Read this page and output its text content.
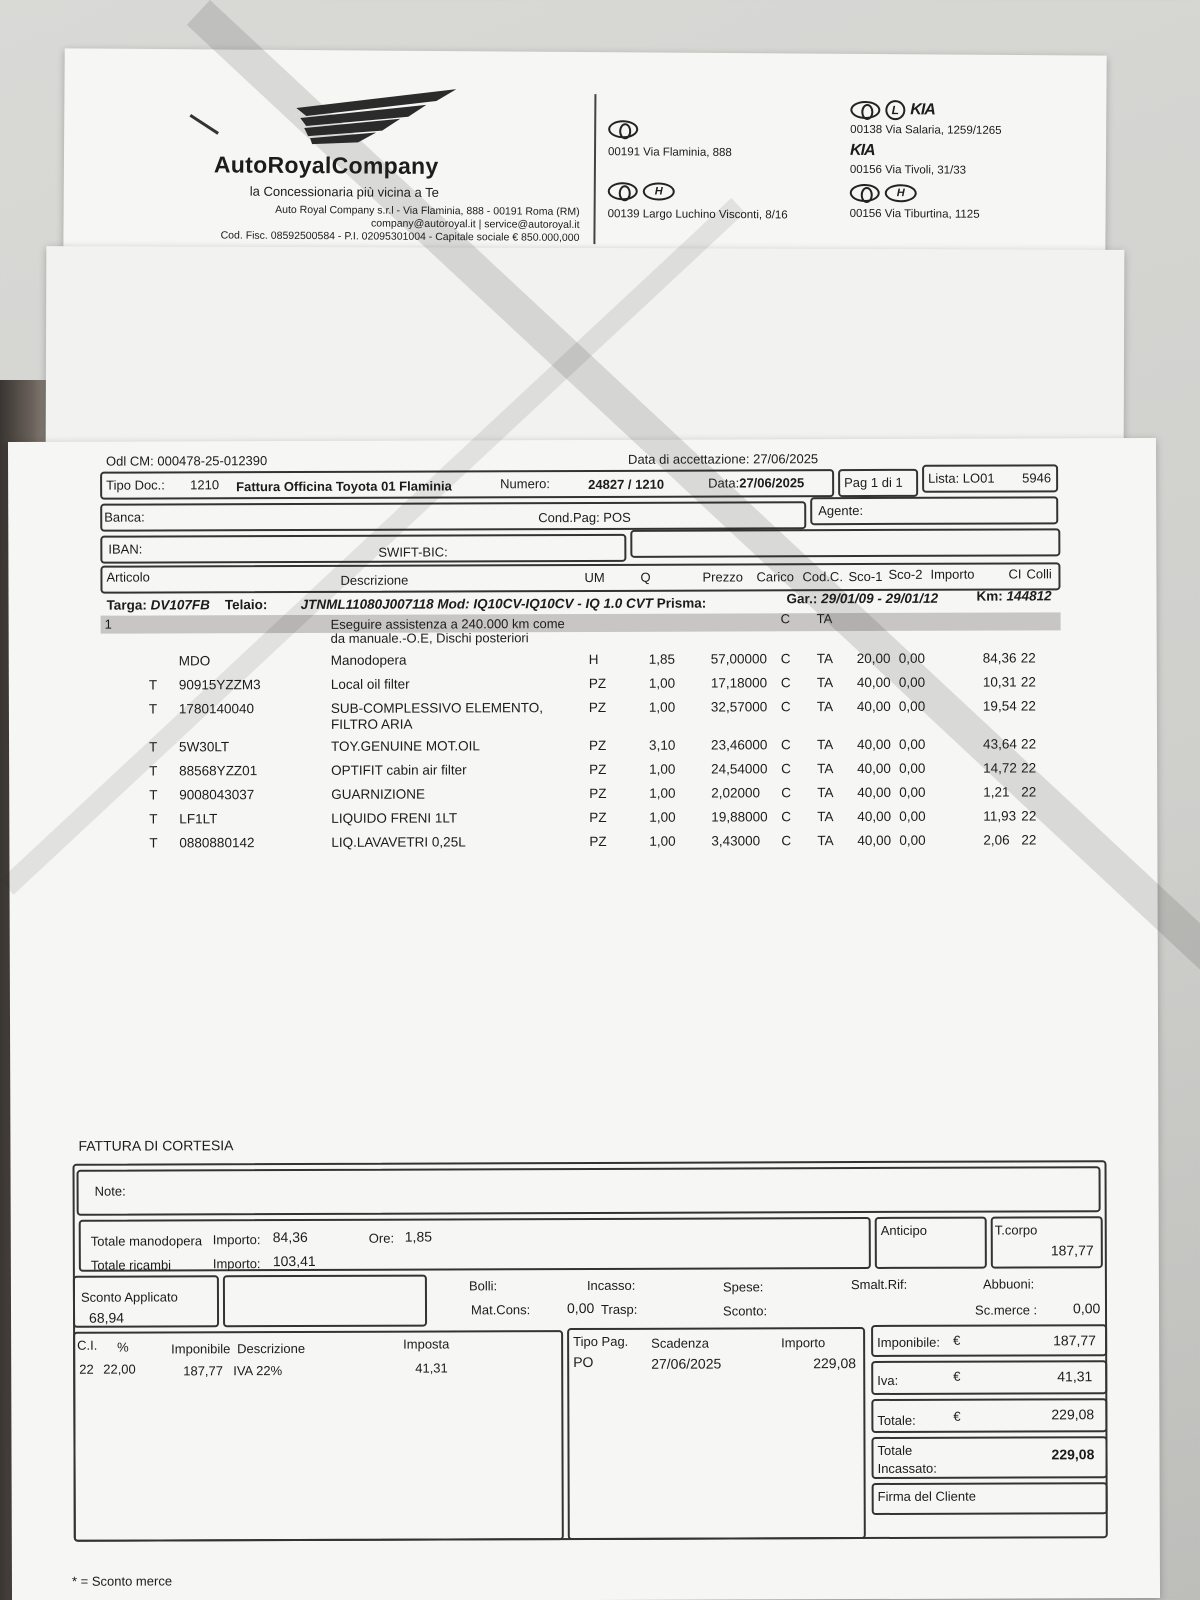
AutoRoyalCompany
la Concessionaria più vicina a Te
Auto Royal Company s.r.l - Via Flaminia, 888 - 00191 Roma (RM)
company@autoroyal.it | service@autoroyal.it
Cod. Fisc. 08592500584 - P.I. 02095301004 - Capitale sociale € 850.000,000
00191 Via Flaminia, 888
H
00139 Largo Luchino Visconti, 8/16
L KIA
00138 Via Salaria, 1259/1265
KIA
00156 Via Tivoli, 31/33
H
00156 Via Tiburtina, 1125
Odl CM: 000478-25-012390	Data di accettazione: 27/06/2025
Tipo Doc.: 1210 Fattura Officina Toyota 01 Flaminia	Numero:	24827 / 1210	Data:27/06/2025	Pag 1 di 1 Lista: LO01 5946
Banca:	Cond.Pag: POS	Agente:
IBAN:	SWIFT-BIC:
Articolo	Descrizione	UM	Q	Prezzo Carico Cod.C. Sco-1 Sco-2 Importo	CI Colli
Targa: DV107FB Telaio: JTNML11080J007118 Mod: IQ10CV-IQ10CV - IQ 1.0 CVT Prisma:	Gar.: 29/01/09 - 29/01/12	Km: 144812
1	Eseguire assistenza a 240.000 km come
da manuale.-O.E, Dischi posteriori
C TA
MDO	Manodopera	H	1,85	57,00000 C TA 20,00 0,00	84,36 22
T 90915YZZM3	Local oil filter	PZ	1,00	17,18000 C TA 40,00 0,00	10,31 22
T 1780140040	SUB-COMPLESSIVO ELEMENTO,	PZ	1,00	32,57000 C TA 40,00 0,00	19,54 22
FILTRO ARIA
T 5W30LT	TOY.GENUINE MOT.OIL	PZ	3,10	23,46000 C TA 40,00 0,00	43,64 22
T 88568YZZ01	OPTIFIT cabin air filter	PZ	1,00	24,54000 C TA 40,00 0,00	14,72 22
T 9008043037	GUARNIZIONE	PZ	1,00	2,02000 C TA 40,00 0,00	1,21 22
T LF1LT	LIQUIDO FRENI 1LT	PZ	1,00	19,88000 C TA 40,00 0,00	11,93 22
T 0880880142	LIQ.LAVAVETRI 0,25L	PZ	1,00	3,43000 C TA 40,00 0,00	2,06 22
FATTURA DI CORTESIA
Note:
Totale manodopera Importo: 84,36	Ore: 1,85
Totale ricambi	Importo: 103,41
Anticipo	T.corpo
187,77
Sconto Applicato
68,94
Bolli:	Incasso:	Spese:	Smalt.Rif:	Abbuoni:
Mat.Cons:	0,00 Trasp:	Sconto:	Sc.merce :	0,00
C.I. %	Imponibile Descrizione	Imposta
22 22,00	187,77 IVA 22%	41,31
Tipo Pag. Scadenza	Importo
PO	27/06/2025	229,08
Imponibile: €	187,77
Iva:	€	41,31
Totale:	€	229,08
Totale
Incassato:
229,08
Firma del Cliente
* = Sconto merce
